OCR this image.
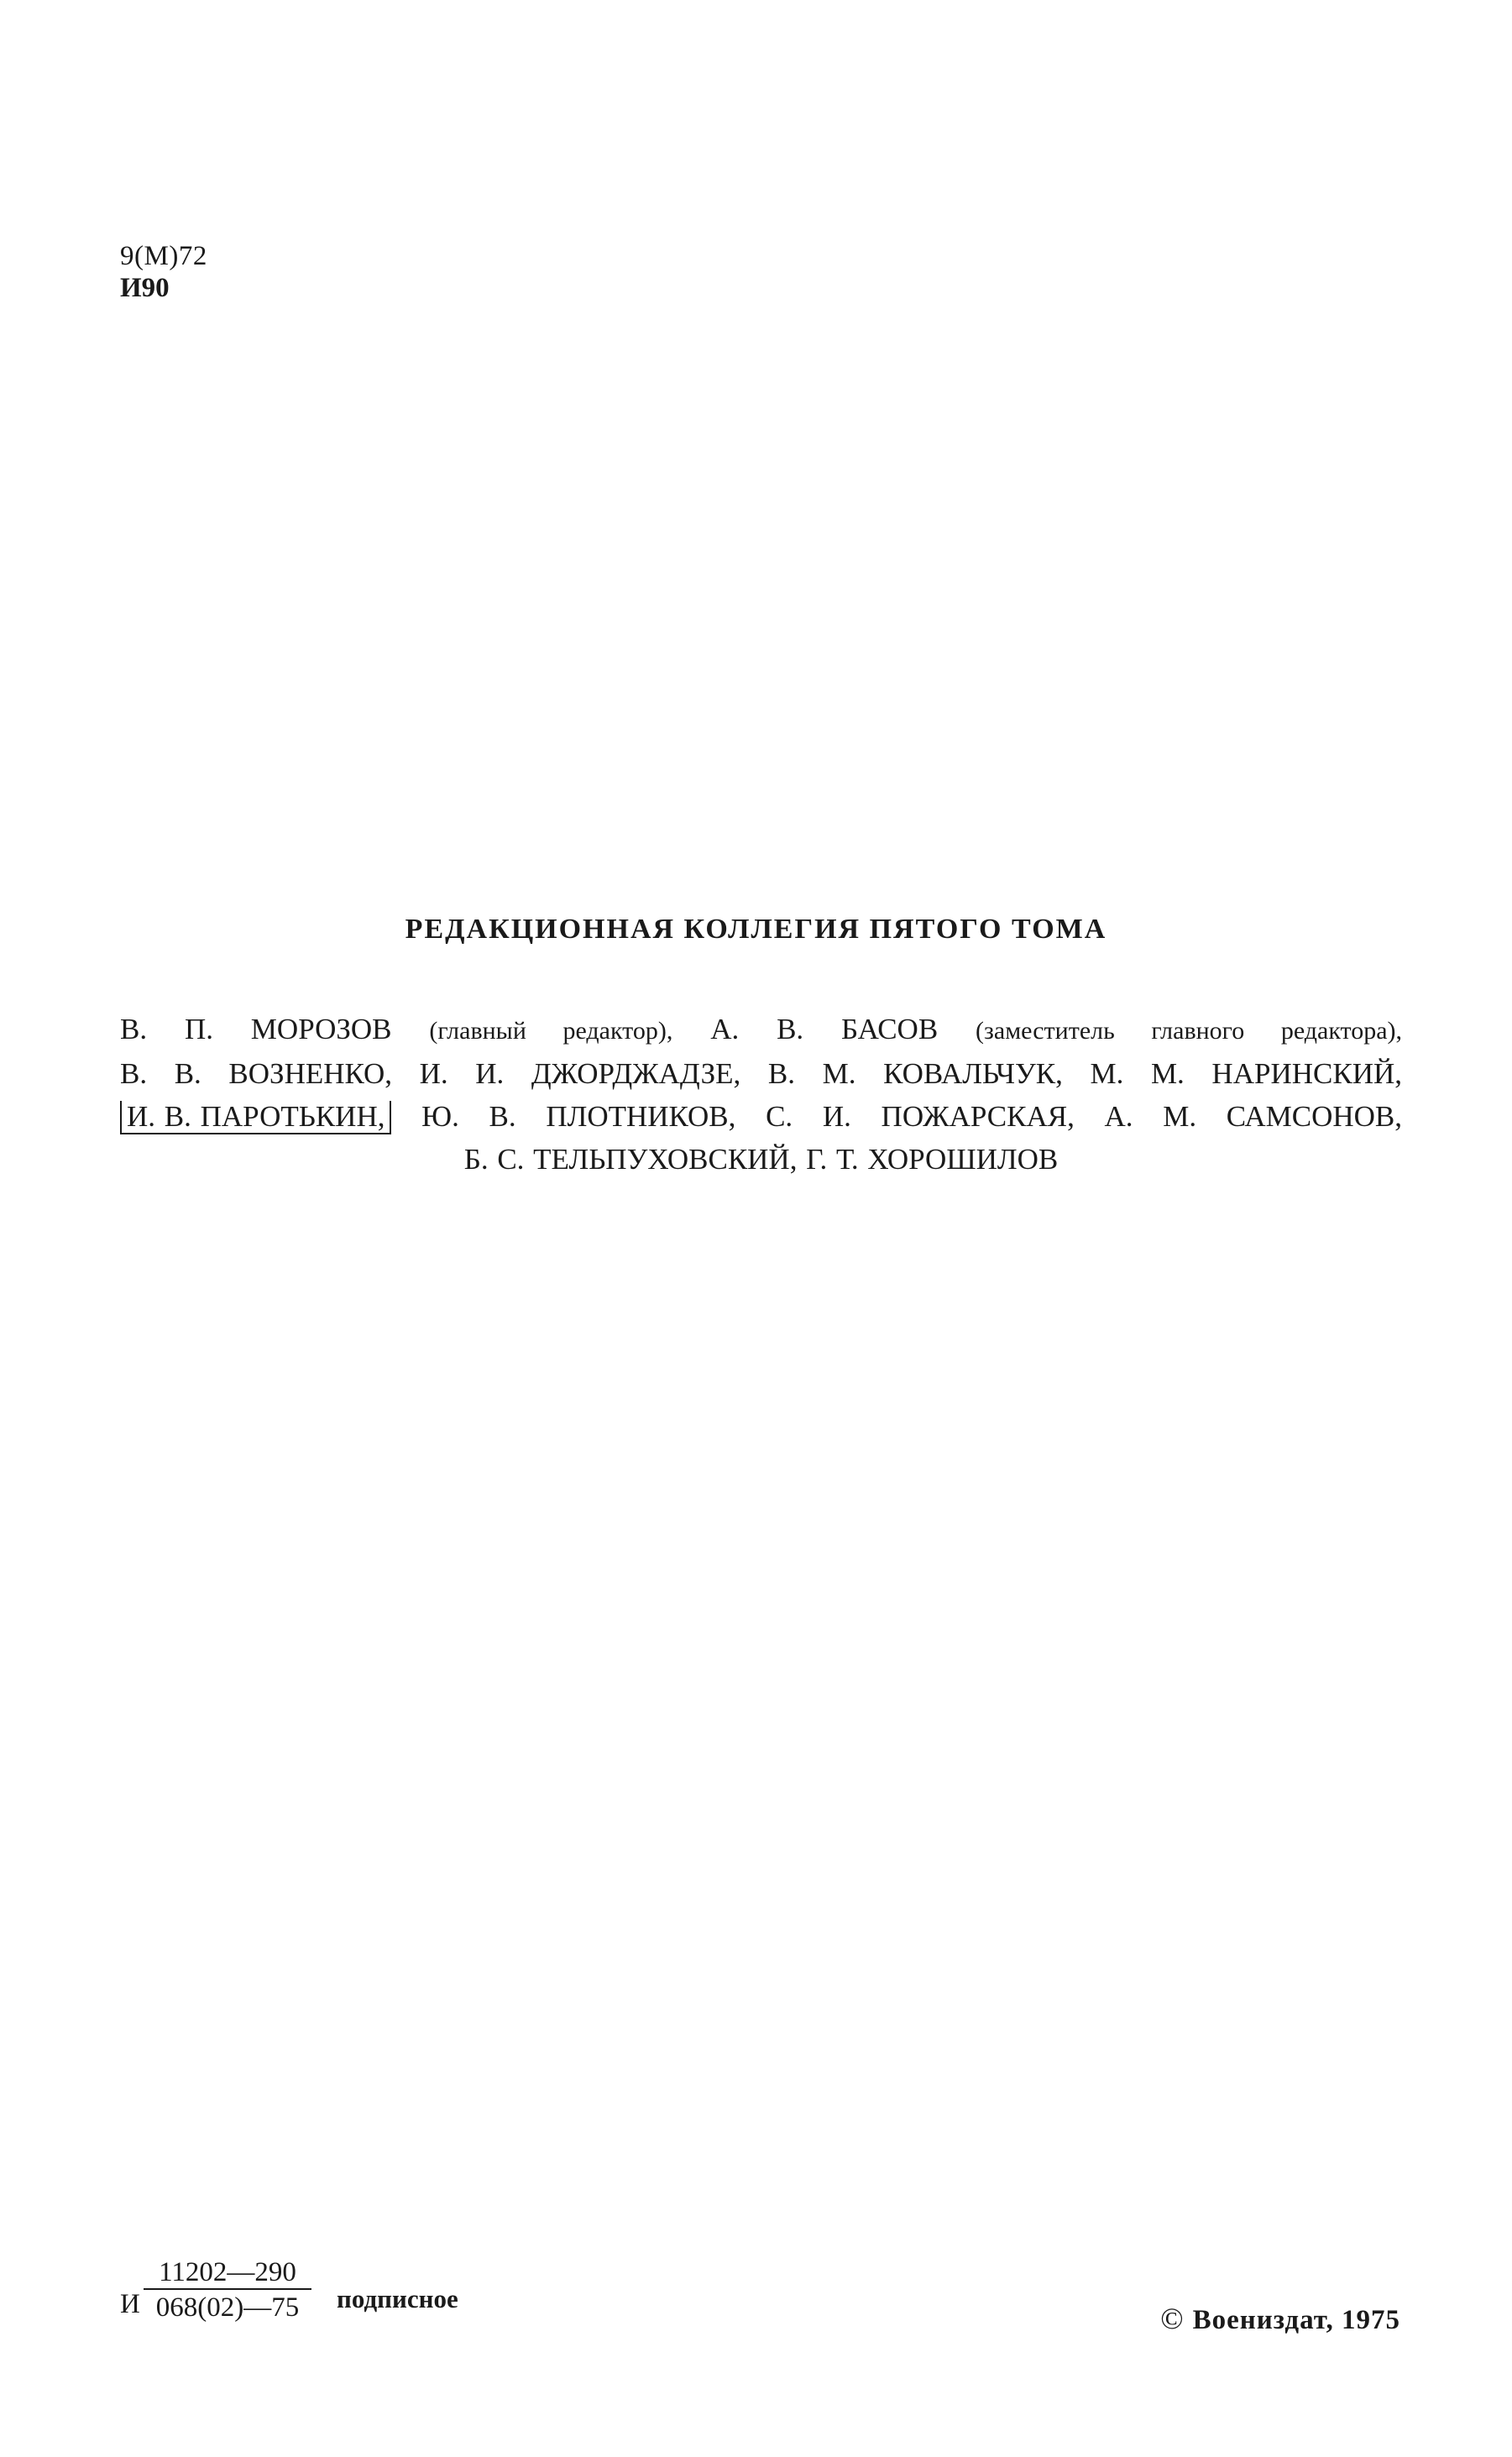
9(М)72
И90
РЕДАКЦИОННАЯ КОЛЛЕГИЯ ПЯТОГО ТОМА
В. П. МОРОЗОВ (главный редактор), А. В. БАСОВ (заместитель главного редактора),
В. В. ВОЗНЕНКО, И. И. ДЖОРДЖАДЗЕ, В. М. КОВАЛЬЧУК, М. М. НАРИНСКИЙ,
И. В. ПАРОТЬКИН, Ю. В. ПЛОТНИКОВ, С. И. ПОЖАРСКАЯ, А. М. САМСОНОВ,
Б. С. ТЕЛЬПУХОВСКИЙ, Г. Т. ХОРОШИЛОВ
И
11202—290
068(02)—75	подписное
© Воениздат, 1975
